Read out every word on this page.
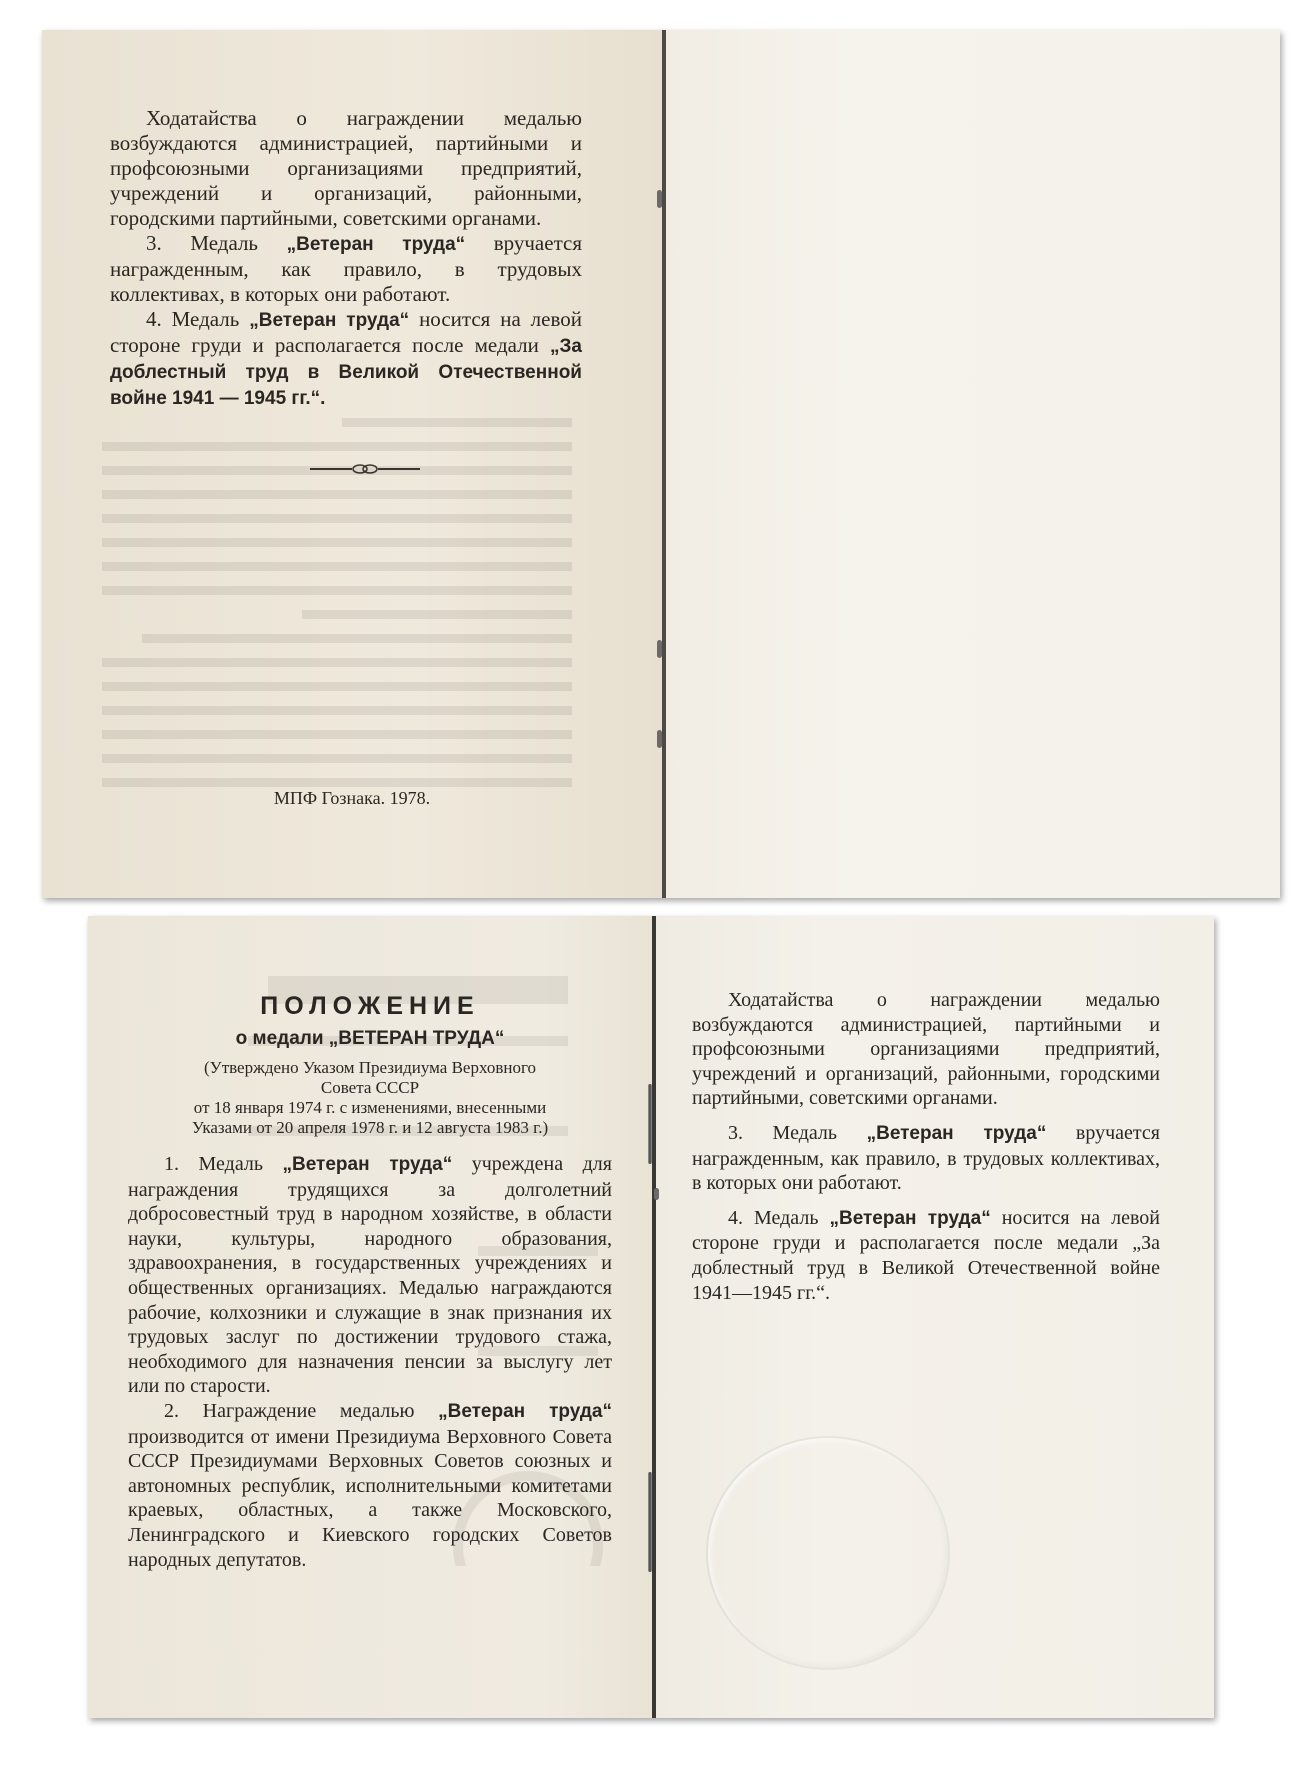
Ходатайства о награждении медалью возбуждаются администрацией, партийными и профсоюзными организациями предприятий, учреждений и организаций, районными, городскими партийными, советскими органами.

3. Медаль „Ветеран труда“ вручается награжденным, как правило, в трудовых коллективах, в которых они работают.

4. Медаль „Ветеран труда“ носится на левой стороне груди и располагается после медали „За доблестный труд в Великой Отечественной войне 1941 — 1945 гг.“.

МПФ Гознака. 1978.
ПОЛОЖЕНИЕ
о медали „ВЕТЕРАН ТРУДА“
(Утверждено Указом Президиума Верховного
Совета СССР
от 18 января 1974 г. с изменениями, внесенными
Указами от 20 апреля 1978 г. и 12 августа 1983 г.)

1. Медаль „Ветеран труда“ учреждена для награждения трудящихся за долголетний добросовестный труд в народном хозяйстве, в области науки, культуры, народного образования, здравоохранения, в государственных учреждениях и общественных организациях. Медалью награждаются рабочие, колхозники и служащие в знак признания их трудовых заслуг по достижении трудового стажа, необходимого для назначения пенсии за выслугу лет или по старости.

2. Награждение медалью „Ветеран труда“ производится от имени Президиума Верховного Совета СССР Президиумами Верховных Советов союзных и автономных республик, исполнительными комитетами краевых, областных, а также Московского, Ленинградского и Киевского городских Советов народных депутатов.

Ходатайства о награждении медалью возбуждаются администрацией, партийными и профсоюзными организациями предприятий, учреждений и организаций, районными, городскими партийными, советскими органами.

3. Медаль „Ветеран труда“ вручается награжденным, как правило, в трудовых коллективах, в которых они работают.

4. Медаль „Ветеран труда“ носится на левой стороне груди и располагается после медали „За доблестный труд в Великой Отечественной войне 1941—1945 гг.“.
